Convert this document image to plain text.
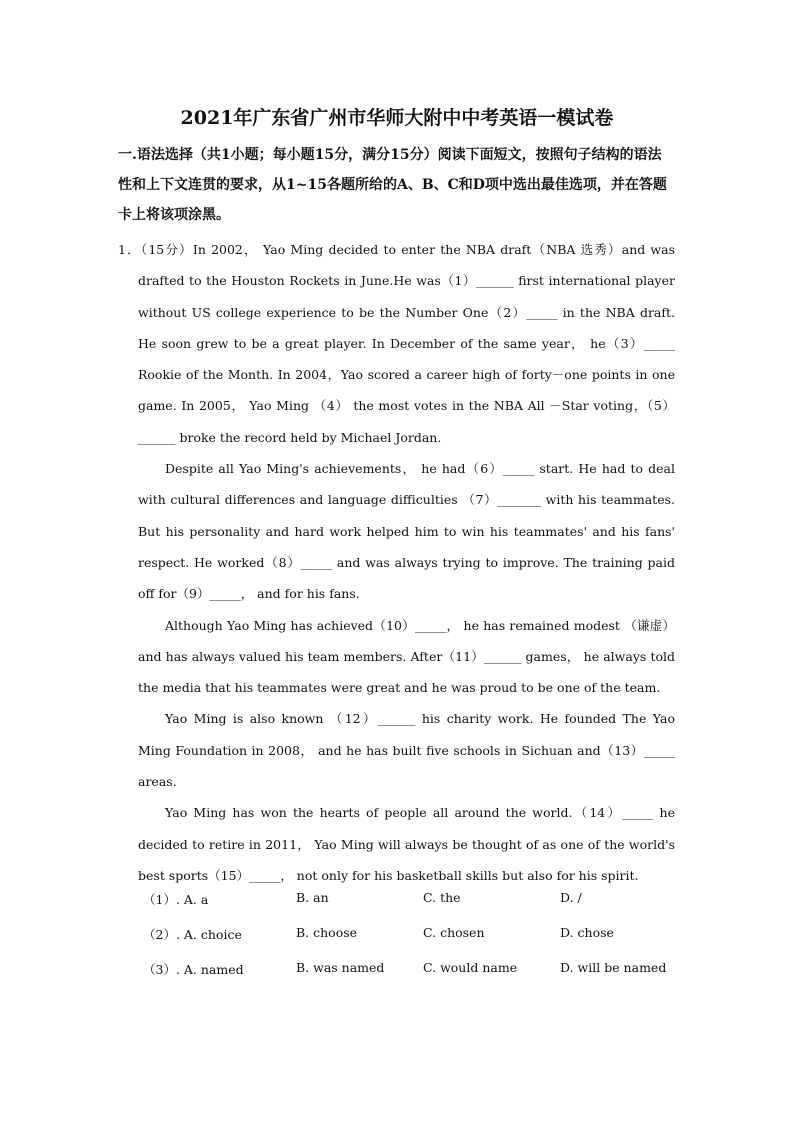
2021年广东省广州市华师大附中中考英语一模试卷

一.语法选择（共1小题；每小题15分，满分15分）阅读下面短文，按照句子结构的语法

性和上下文连贯的要求，从1~15各题所给的A、B、C和D项中选出最佳选项，并在答题

卡上将该项涂黑。

1．（15分）In 2002， Yao Ming decided to enter the NBA draft（NBA 选秀）and was drafted to the Houston Rockets in June.He was（1）______ first international player without US college experience to be the Number One（2）_____ in the NBA draft. He soon grew to be a great player. In December of the same year， he（3）_____ Rookie of the Month. In 2004，Yao scored a career high of forty－one points in one game. In 2005， Yao Ming （4） the most votes in the NBA All －Star voting，（5）______ broke the record held by Michael Jordan.

Despite all Yao Ming's achievements， he had（6）_____ start. He had to deal with cultural differences and language difficulties （7）_______ with his teammates. But his personality and hard work helped him to win his teammates' and his fans' respect. He worked（8）_____ and was always trying to improve. The training paid off for（9）_____， and for his fans.

Although Yao Ming has achieved（10）_____， he has remained modest （谦虚）and has always valued his team members. After（11）______ games， he always told the media that his teammates were great and he was proud to be one of the team.

Yao Ming is also known （12）______ his charity work. He founded The Yao Ming Foundation in 2008， and he has built five schools in Sichuan and（13）_____ areas.

Yao Ming has won the hearts of people all around the world.（14）_____ he decided to retire in 2011， Yao Ming will always be thought of as one of the world's best sports（15）_____， not only for his basketball skills but also for his spirit.

（1）. A. a	B. an	C. the	D. /
（2）. A. choice	B. choose	C. chosen	D. chose
（3）. A. named	B. was named	C. would name	D. will be named
